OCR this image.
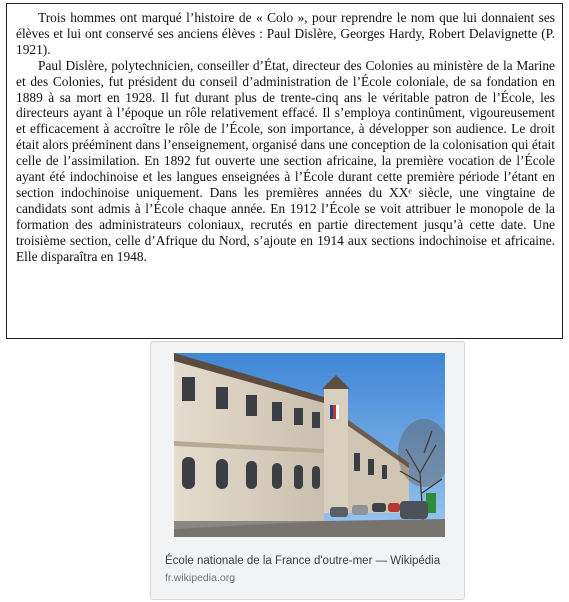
Trois hommes ont marqué l’histoire de « Colo », pour reprendre le nom que lui donnaient ses élèves et lui ont conservé ses anciens élèves : Paul Dislère, Georges Hardy, Robert Delavignette (P. 1921).

Paul Dislère, polytechnicien, conseiller d’État, directeur des Colonies au ministère de la Marine et des Colonies, fut président du conseil d’administration de l’École coloniale, de sa fondation en 1889 à sa mort en 1928. Il fut durant plus de trente-cinq ans le véritable patron de l’École, les directeurs ayant à l’époque un rôle relativement effacé. Il s’employa continûment, vigoureusement et efficacement à accroître le rôle de l’École, son importance, à développer son audience. Le droit était alors prééminent dans l’enseignement, organisé dans une conception de la colonisation qui était celle de l’assimilation. En 1892 fut ouverte une section africaine, la première vocation de l’École ayant été indochinoise et les langues enseignées à l’École durant cette première période l’étant en section indochinoise uniquement. Dans les premières années du XXᵉ siècle, une vingtaine de candidats sont admis à l’École chaque année. En 1912 l’École se voit attribuer le monopole de la formation des administrateurs coloniaux, recrutés en partie directement jusqu’à cette date. Une troisième section, celle d’Afrique du Nord, s’ajoute en 1914 aux sections indochinoise et africaine. Elle disparaîtra en 1948.

École nationale de la France d'outre-mer — Wikipédia
fr.wikipedia.org
